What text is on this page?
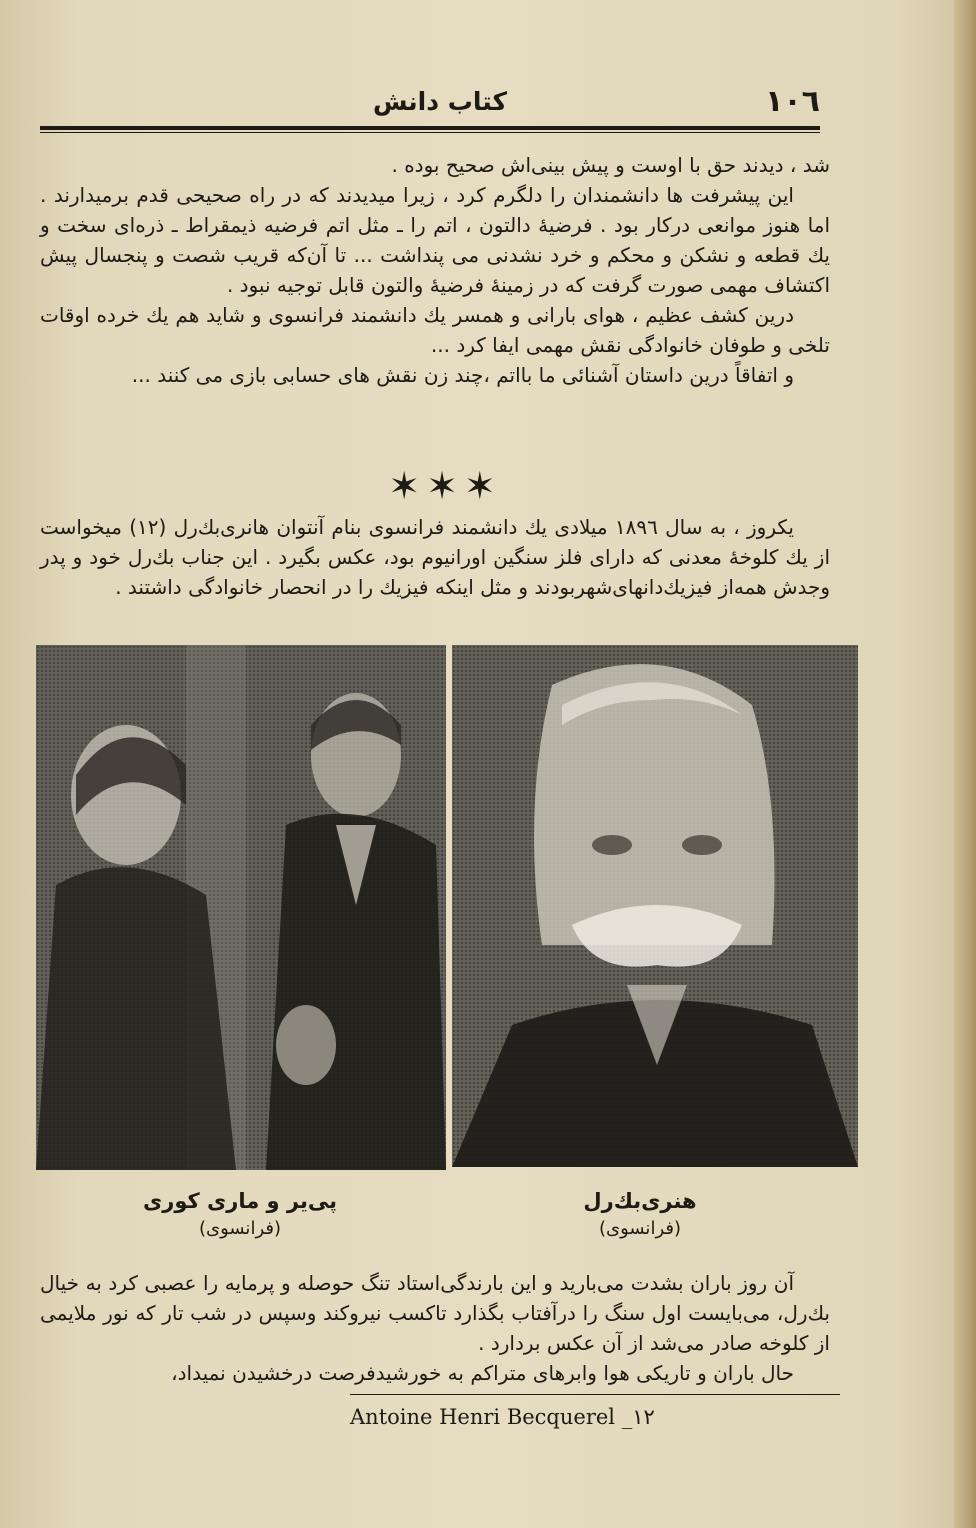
١٠٦
کتاب دانش

شد ، دیدند حق با اوست و پیش بینی‌اش صحیح بوده .

این پیشرفت ها دانشمندان را دلگرم کرد ، زیرا میدیدند که در راه صحیحی قدم برمیدارند . اما هنوز موانعی درکار بود . فرضیهٔ دالتون ، اتم را ـ مثل اتم فرضیه ذیمقراط ـ ذره‌ای سخت و یك قطعه و نشکن و محکم و خرد نشدنی می پنداشت ... تا آن‌که قریب شصت و پنجسال پیش اکتشاف مهمی صورت گرفت که در زمینهٔ فرضیهٔ والتون قابل توجیه نبود .

درین کشف عظیم ، هوای بارانی و همسر یك دانشمند فرانسوی و شاید هم یك خرده اوقات تلخی و طوفان خانوادگی نقش مهمی ایفا کرد ...

و اتفاقاً درین داستان آشنائی ما بااتم ،چند زن نقش های حسابی بازی می کنند ...

✶✶✶

یکروز ، به سال ١٨٩٦ میلادی یك دانشمند فرانسوی بنام آنتوان هانری‌بك‌رل (١٢) میخواست از یك کلوخهٔ معدنی که دارای فلز سنگین اورانیوم بود، عکس بگیرد . این جناب بك‌رل خود و پدر وجدش همه‌از فیزیك‌دانهای‌شهربودند و مثل اینکه فیزیك را در انحصار خانوادگی داشتند .

پی‌یر و ماری کوری
(فرانسوی)
هنری‌بك‌رل
(فرانسوی)

آن روز باران بشدت می‌بارید و این بارندگی‌استاد تنگ حوصله و پرمایه را عصبی کرد به خیال بك‌رل، می‌بایست اول سنگ را درآفتاب بگذارد تاکسب نیروکند وسپس در شب تار که نور ملایمی از کلوخه صادر می‌شد از آن عکس بردارد .

حال باران و تاریکی هوا وابرهای متراکم به خورشیدفرصت درخشیدن نمیداد،

Antoine Henri Becquerel _١٢
